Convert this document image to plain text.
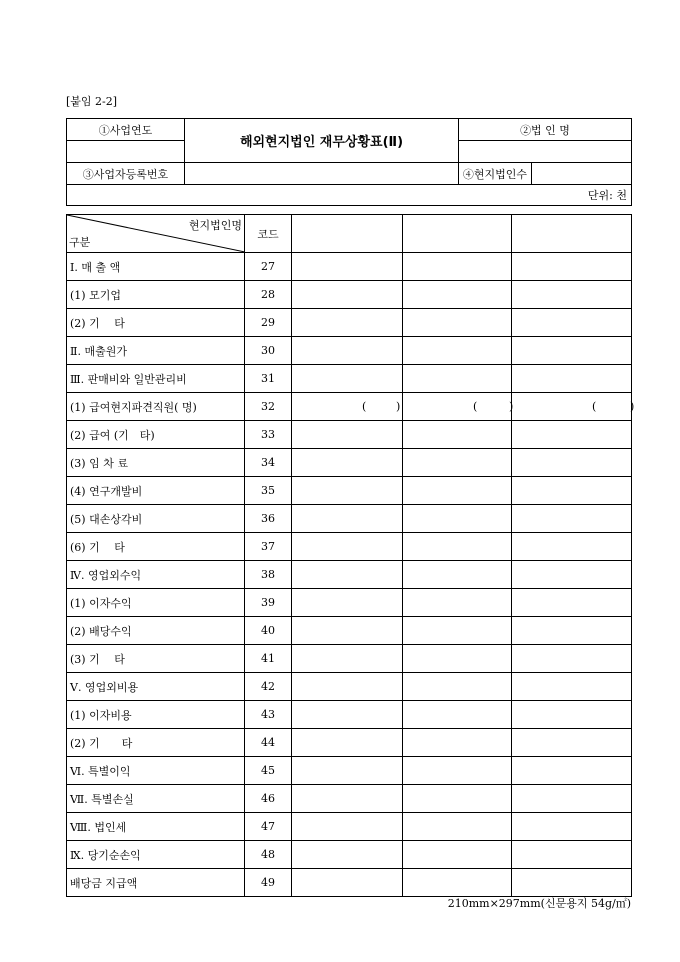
[붙임 2-2]
①사업연도	해외현지법인 재무상황표(Ⅱ)	②법 인 명	

③사업자등록번호		④현지법인수	
단위: 천			
현지법인명
구분	코드			
Ⅰ. 매 출 액	27			
(1) 모기업	28			
(2) 기　 타	29			
Ⅱ. 매출원가	30			
Ⅲ. 판매비와 일반관리비	31			
(1) 급여현지파견직원( 명)	32	( )	( )	( )

(2) 급여 (기　타)	33			
(3) 임 차 료	34			
(4) 연구개발비	35			
(5) 대손상각비	36			
(6) 기　 타	37			
Ⅳ. 영업외수익	38			
(1) 이자수익	39			
(2) 배당수익	40			
(3) 기　 타	41			
Ⅴ. 영업외비용	42			
(1) 이자비용	43			
(2) 기　　타	44			
Ⅵ. 특별이익	45			
Ⅶ. 특별손실	46			
Ⅷ. 법인세	47			
Ⅸ. 당기순손익	48			
배당금 지급액	49			
210mm×297mm(신문용지 54g/㎡)
